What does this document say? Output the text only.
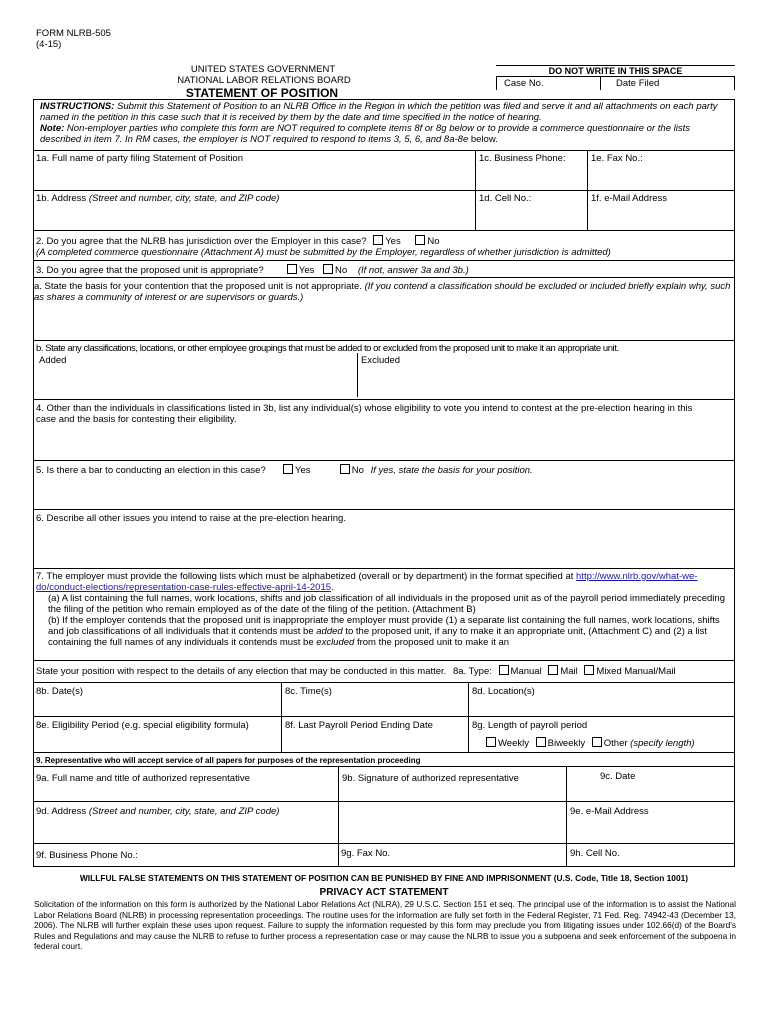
FORM NLRB-505
(4-15)
UNITED STATES GOVERNMENT
NATIONAL LABOR RELATIONS BOARD
STATEMENT OF POSITION
DO NOT WRITE IN THIS SPACE
Case No.	Date Filed
INSTRUCTIONS: Submit this Statement of Position to an NLRB Office in the Region in which the petition was filed and serve it and all attachments on each party named in the petition in this case such that it is received by them by the date and time specified in the notice of hearing.
Note: Non-employer parties who complete this form are NOT required to complete items 8f or 8g below or to provide a commerce questionnaire or the lists described in item 7. In RM cases, the employer is NOT required to respond to items 3, 5, 6, and 8a-8e below.
1a. Full name of party filing Statement of Position	1c. Business Phone:	1e. Fax No.:
1b. Address (Street and number, city, state, and ZIP code)	1d. Cell No.:	1f. e-Mail Address
2. Do you agree that the NLRB has jurisdiction over the Employer in this case? Yes	No
(A completed commerce questionnaire (Attachment A) must be submitted by the Employer, regardless of whether jurisdiction is admitted)
3. Do you agree that the proposed unit is appropriate?	Yes No (If not, answer 3a and 3b.)
a. State the basis for your contention that the proposed unit is not appropriate. (If you contend a classification should be excluded or included briefly explain why, such as shares a community of interest or are supervisors or guards.)
b. State any classifications, locations, or other employee groupings that must be added to or excluded from the proposed unit to make it an appropriate unit.
Added	Excluded
4. Other than the individuals in classifications listed in 3b, list any individual(s) whose eligibility to vote you intend to contest at the pre-election hearing in this case and the basis for contesting their eligibility.
5. Is there a bar to conducting an election in this case?	Yes	No If yes, state the basis for your position.
6. Describe all other issues you intend to raise at the pre-election hearing.
7. The employer must provide the following lists which must be alphabetized (overall or by department) in the format specified at http://www.nlrb.gov/what-we-do/conduct-elections/representation-case-rules-effective-april-14-2015.
(a) A list containing the full names, work locations, shifts and job classification of all individuals in the proposed unit as of the payroll period immediately preceding the filing of the petition who remain employed as of the date of the filing of the petition. (Attachment B)
(b) If the employer contends that the proposed unit is inappropriate the employer must provide (1) a separate list containing the full names, work locations, shifts and job classifications of all individuals that it contends must be added to the proposed unit, if any to make it an appropriate unit, (Attachment C) and (2) a list containing the full names of any individuals it contends must be excluded from the proposed unit to make it an
State your position with respect to the details of any election that may be conducted in this matter. 8a. Type: Manual Mail Mixed Manual/Mail
8b. Date(s)	8c. Time(s)	8d. Location(s)
8e. Eligibility Period (e.g. special eligibility formula)	8f. Last Payroll Period Ending Date	8g. Length of payroll period
Weekly Biweekly Other (specify length)
9. Representative who will accept service of all papers for purposes of the representation proceeding
9a. Full name and title of authorized representative	9b. Signature of authorized representative	9c. Date
9d. Address (Street and number, city, state, and ZIP code)	9e. e-Mail Address
9f. Business Phone No.:	9g. Fax No.	9h. Cell No.
WILLFUL FALSE STATEMENTS ON THIS STATEMENT OF POSITION CAN BE PUNISHED BY FINE AND IMPRISONMENT (U.S. Code, Title 18, Section 1001)
PRIVACY ACT STATEMENT
Solicitation of the information on this form is authorized by the National Labor Relations Act (NLRA), 29 U.S.C. Section 151 et seq. The principal use of the information is to assist the National Labor Relations Board (NLRB) in processing representation proceedings. The routine uses for the information are fully set forth in the Federal Register, 71 Fed. Reg. 74942-43 (December 13, 2006). The NLRB will further explain these uses upon request. Failure to supply the information requested by this form may preclude you from litigating issues under 102.66(d) of the Board's Rules and Regulations and may cause the NLRB to refuse to further process a representation case or may cause the NLRB to issue you a subpoena and seek enforcement of the subpoena in federal court.
